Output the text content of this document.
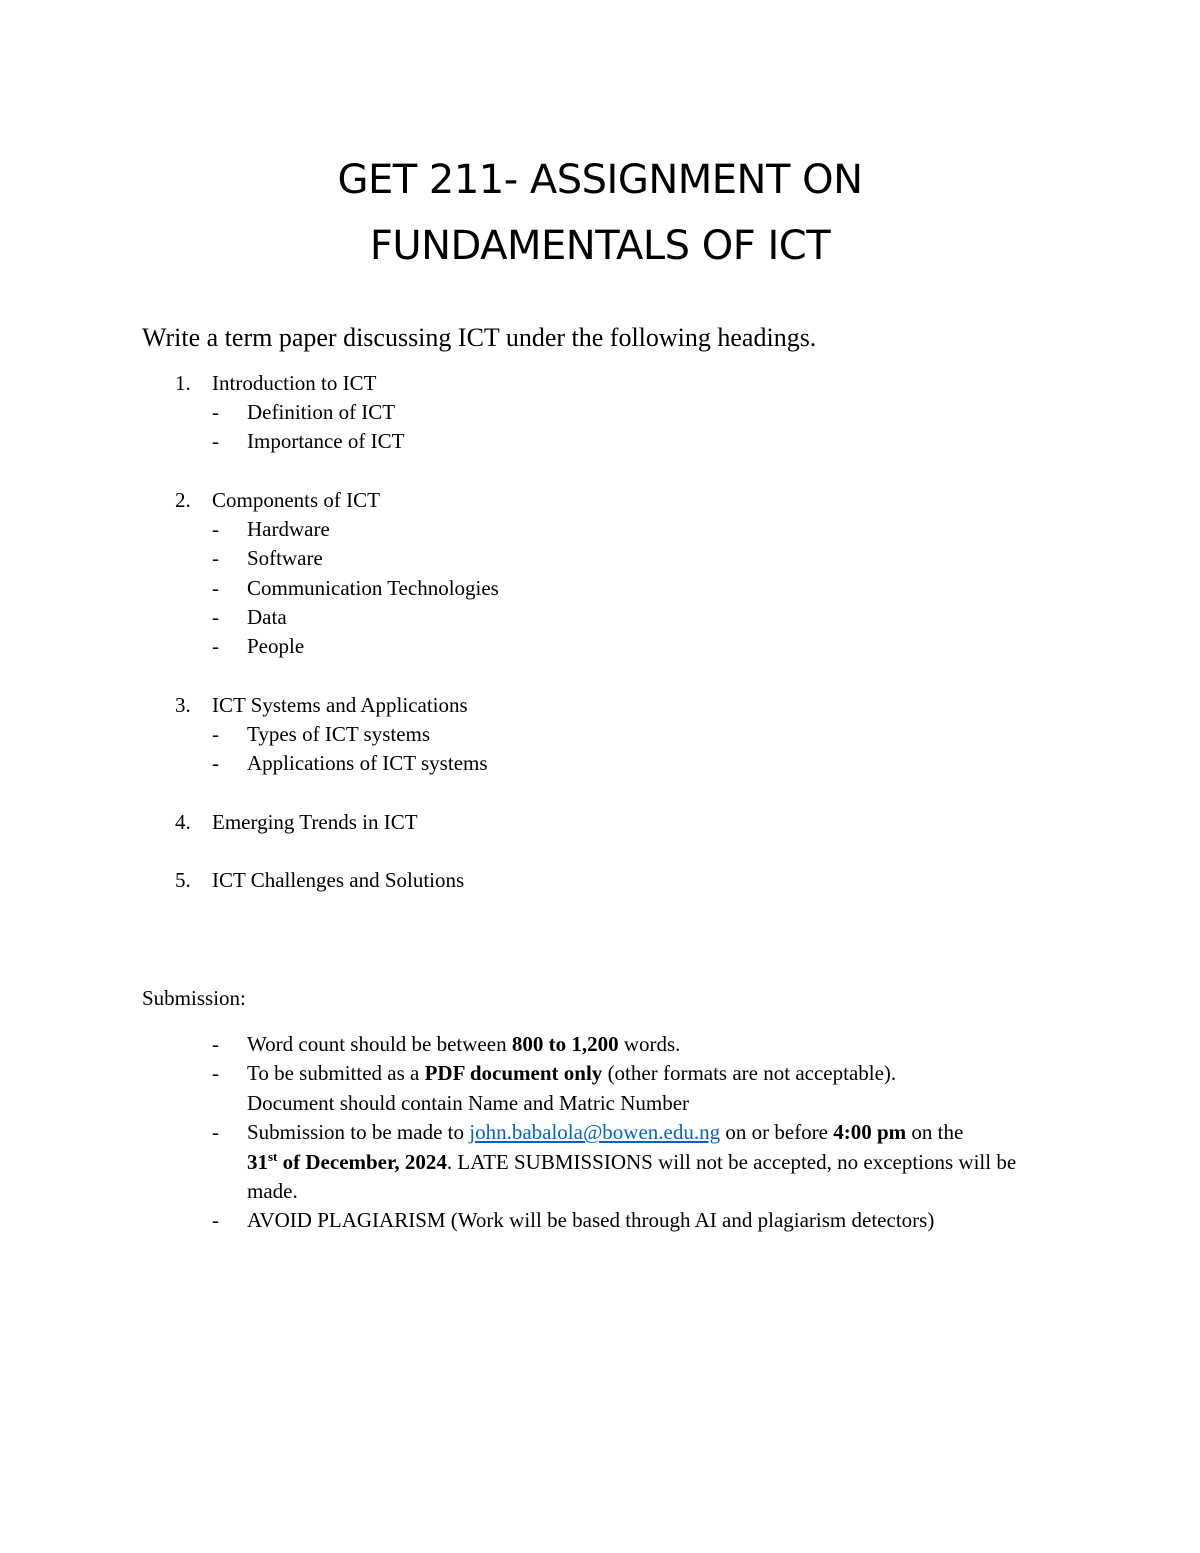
GET 211- ASSIGNMENT ON
FUNDAMENTALS OF ICT
Write a term paper discussing ICT under the following headings.
1. Introduction to ICT
- Definition of ICT
- Importance of ICT
2. Components of ICT
- Hardware
- Software
- Communication Technologies
- Data
- People
3. ICT Systems and Applications
- Types of ICT systems
- Applications of ICT systems
4. Emerging Trends in ICT
5. ICT Challenges and Solutions
Submission:
- Word count should be between 800 to 1,200 words.
- To be submitted as a PDF document only (other formats are not acceptable).
Document should contain Name and Matric Number
- Submission to be made to john.babalola@bowen.edu.ng on or before 4:00 pm on the
31st of December, 2024. LATE SUBMISSIONS will not be accepted, no exceptions will be made.
- AVOID PLAGIARISM (Work will be based through AI and plagiarism detectors)
